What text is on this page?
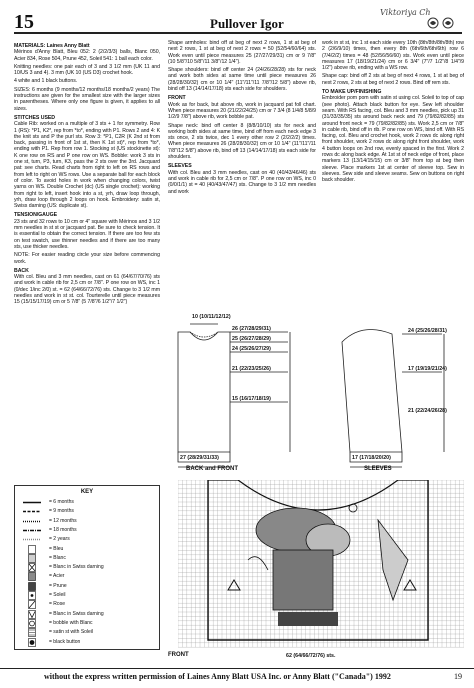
15	Pullover Igor
Viktoriya Ch
MATERIALS: Laines Anny Blatt
Mérinos d'Anny Blatt, Bleu 052: 2 (2/2/3/3) balls, Blanc 050, Acier 834, Rose 504, Prune 452, Soleil 541: 1 ball each color.
Knitting needles: one pair each of 3 and 3 1/2 mm (UK 11 and 10/US 3 and 4). 3 mm (UK 10 (US D3) crochet hook.
4 white and 1 black buttons.
SIZES: 6 months (9 months/12 months/18 months/2 years) The instructions are given for the smallest size with the larger sizes in parentheses. Where only one figure is given, it applies to all sizes.
STITCHES USED
Cable Rib: worked on a multiple of 3 sts + 1 for symmetry. Row 1 (RS): *P1, K2*, rep from *to*, ending with P1. Rows 2 and 4: K the knit sts and P the purl sts. Row 3: *P1, C2R (K 2nd st from back, passing in front of 1st st, then K 1st st)*, rep from *to*, ending with P1. Rep from row 1. Stocking st (US stockinette st): K one row on RS and P one row on WS. Bobble: work 3 sts in one st, turn, P3, turn, K3, pass the 2 sts over the 3rd. Jacquard pat: see charts. Read charts from right to left on RS rows and from left to right on WS rows. Use a separate ball for each block of color. To avoid holes in work when changing colors, twist yarns on WS. Double Crochet (dc) (US single crochet): working from right to left, insert hook into a st, yrh, draw loop through, yrh, draw loop through 2 loops on hook. Embroidery: satin st, Swiss darning (US: duplicate st).
TENSION/GAUGE
23 sts and 32 rows to 10 cm or 4" square with Mérinos and 3 1/2 mm needles in st st or jacquard pat. Be sure to check tension. It is essential to obtain the correct tension. If there are too few sts on test swatch, use thinner needles and if there are too many sts, use thicker needles.
NOTE: For easier reading circle your size before commencing work.
BACK
With col. Bleu and 3 mm needles, cast on 61 (64/67/70/76) sts and work in cable rib for 2,5 cm or 7/8". P one row on WS, inc 1 (0/dec 1/inc 2/0) st. = 62 (64/66/72/76) sts. Change to 3 1/2 mm needles and work in st st. col. Tourterelle until piece measures 15 (15/15/17/19) cm or 5 7/8" (5 7/8"/6 1/2"/7 1/2")
Shape armholes: bind off at beg of next 2 rows, 1 st at beg of next 2 rows, 1 st at beg of next 2 rows = 50 (52/54/60/64) sts. Work even until piece measures 25 (27/27/29/31) cm or 9 7/8" (10 5/8"/10 5/8"/11 3/8"/12 1/4").
Shape shoulders: bind off center 24 (24/26/28/28) sts for neck and work both sides at same time until piece measures 26 (28/28/30/32) cm or 10 1/4" (11"/11"/11 7/8"/12 5/8") above rib, bind off 13 (14/14/17/18) sts each side for shoulders.
FRONT
Work as for back, but above rib, work in jacquard pat foll chart. When piece measures 20 (21/22/24/25) cm or 7 3/4 (8 1/4/8 5/8/9 1/2/9 7/8") above rib, work bobble pat.
Shape neck: bind off center 8 (8/8/10/10) sts for neck and working both sides at same time, bind off from each neck edge 3 sts once, 2 sts twice, dec 1 every other row 2 (2/2/2/2) times. When piece measures 26 (28/28/30/32) cm or 10 1/4" (11"/11"/11 7/8"/12 5/8") above rib, bind off 13 (14/14/17/18) sts each side for shoulders.
SLEEVES
With col. Bleu and 3 mm needles, cast on 40 (40/43/46/46) sts and work in cable rib for 2,5 cm or 7/8". P one row on WS, inc 0 (0/0/1/1) st = 40 (40/43/47/47) sts. Change to 3 1/2 mm needles and work
work in st st, inc 1 st each side every 10th (8th/8th/8th/8th) row 2 (2/6/9/10) times, then every 8th (6th/6th/6th/6th) row 6 (7/4/2/2) times = 48 (52/56/56/60) sts. Work even until piece measures 17 (18/19/21/24) cm or 6 3/4" (7"/7 1/2"/8 1/4"/9 1/2") above rib, ending with a WS row.
Shape cap: bind off 2 sts at beg of next 4 rows, 1 st at beg of next 2 rows, 2 sts at beg of next 2 rows. Bind off rem sts.
TO MAKE UP/FINISHING
Embroider pom pom with satin st using col. Soleil to top of cap (see photo). Attach black button for eye. Sew left shoulder seam. With RS facing, col. Bleu and 3 mm needles, pick up 31 (31/33/35/35) sts around back neck and 79 (79/82/82/85) sts around front neck = 79 (79/82/82/85) sts. Work 2,5 cm or 7/8" in cable rib, bind off in rib. P one row on WS, bind off. With RS facing, col. Bleu and crochet hook, work 2 rows dc along right front shoulder, work 2 rows dc along right front shoulder, work 4 button loops on 2nd row, evenly spaced in the first. Work 2 rows dc along back edge. At 1st st of neck edge of front, place markers 13 (13/14/15/15) cm or 3/8" from top at beg then sleeve. Place markers 1st at center of sleeve top. Sew in sleeves. Sew side and sleeve seams. Sew on buttons on right back shoulder.
KEY
= 6 months
= 9 months
= 12 months
= 18 months
= 2 years
= Bleu
= Blanc
= Blanc in Swiss darning
= Acier
= Prune
= Soleil
= Rose
= Blanc in Swiss darning
= bobble with Blanc
= satin st with Soleil
= black button
10 (10/11/12/12)
26 (27/28/29/31)
25 (26/27/28/29)
24 (25/26/27/29)
21 (22/23/25/26)
15 (16/17/18/19)
27 (28/29/31/33)
BACK and FRONT
24 (25/26/28/31)
17 (19/19/21/24)
21 (22/24/26/28)
17 (17/18/20/20)
SLEEVES
FRONT	62 (64/66/72/76) sts.
without the express written permission of Laines Anny Blatt USA Inc. or Anny Blatt ("Canada") 1992	19
